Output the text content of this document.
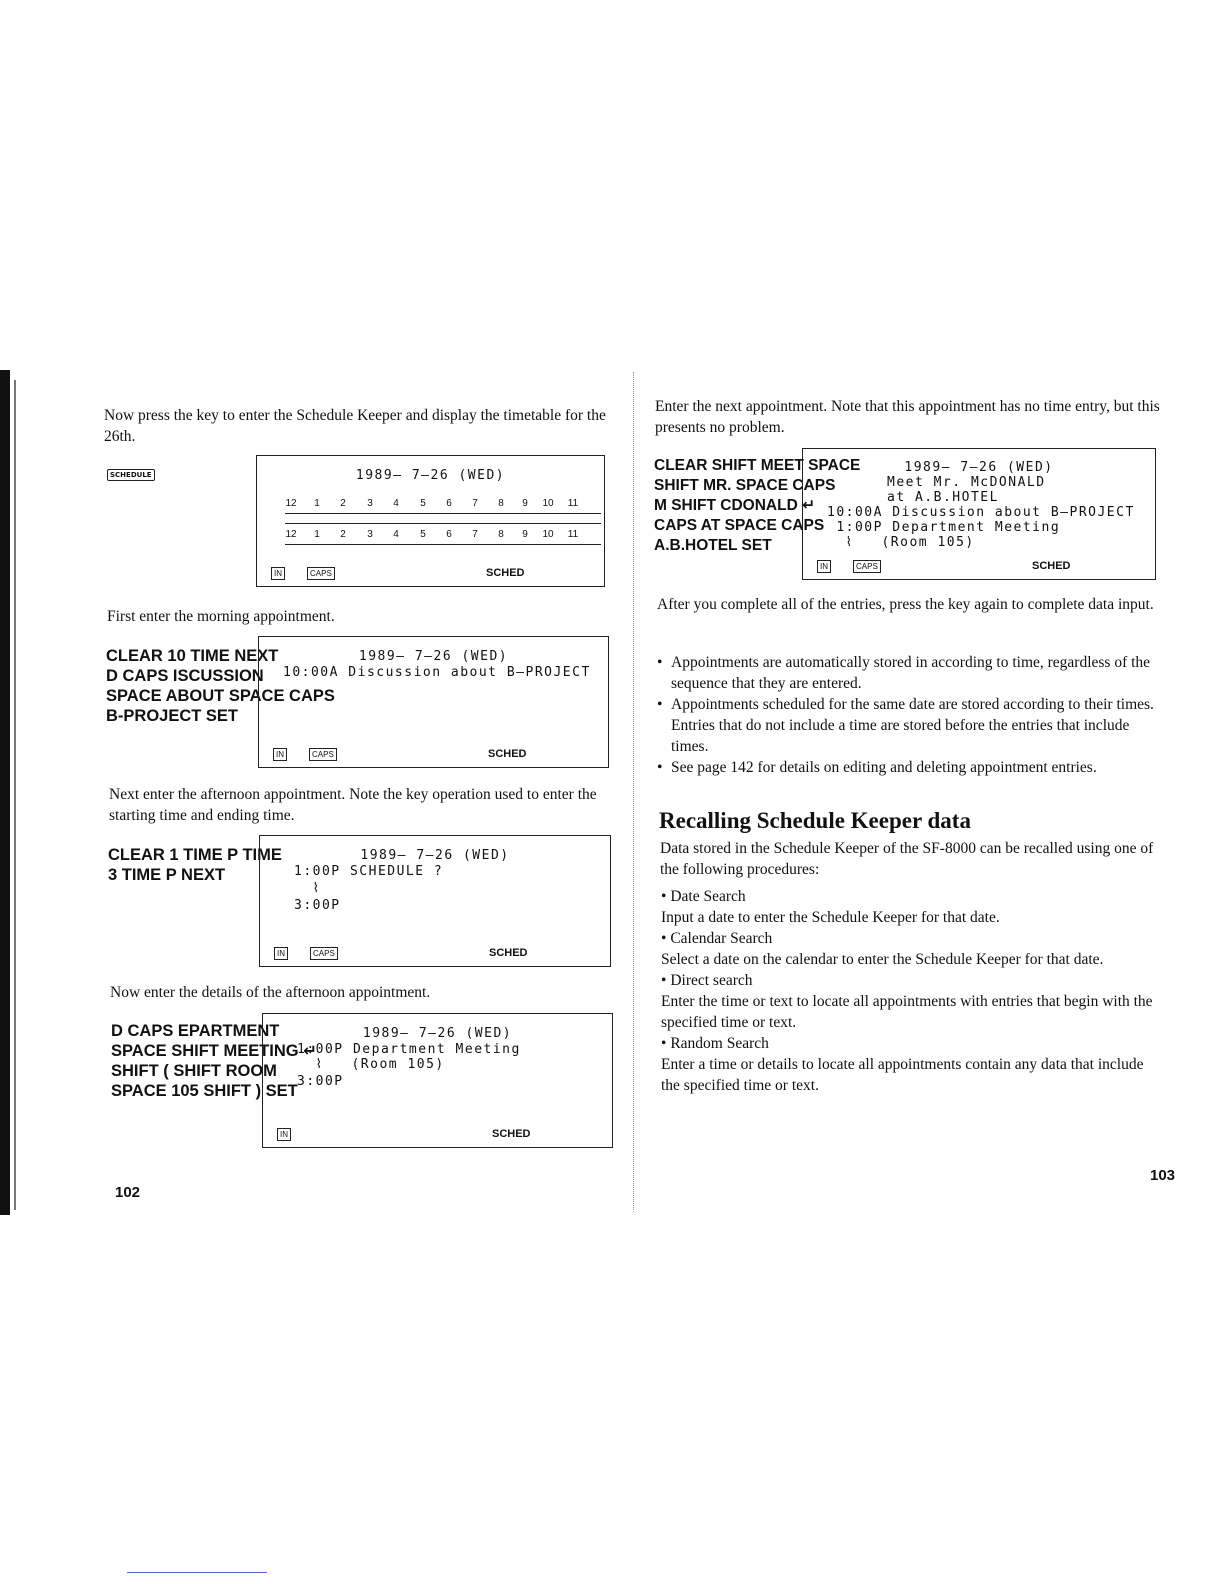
Now press the key to enter the Schedule Keeper and display the timetable for the 26th.
SCHEDULE	1989— 7—26 (WED)
12 1 2 3 4 5 6 7 8 9 10 11
12 1 2 3 4 5 6 7 8 9 10 11
IN	CAPS	SCHED
First enter the morning appointment.
CLEAR 10 TIME NEXT
D CAPS ISCUSSION
SPACE ABOUT SPACE CAPS
B-PROJECT SET
1989— 7—26 (WED)
10:00A Discussion about B—PROJECT
IN	CAPS	SCHED
Next enter the afternoon appointment. Note the key operation used to enter the starting time and ending time.
CLEAR 1 TIME P TIME
3 TIME P NEXT
1989— 7—26 (WED)
1:00P SCHEDULE ?
⌇
3:00P
IN	CAPS	SCHED
Now enter the details of the afternoon appointment.
D CAPS EPARTMENT
SPACE SHIFT MEETING ↵
SHIFT ( SHIFT ROOM
SPACE 105 SHIFT ) SET
1989— 7—26 (WED)
1:00P Department Meeting
⌇   (Room 105)
3:00P
IN	SCHED
102
Enter the next appointment. Note that this appointment has no time entry, but this presents no problem.
CLEAR SHIFT MEET SPACE
SHIFT MR. SPACE CAPS
M SHIFT CDONALD ↵
CAPS AT SPACE CAPS
A.B.HOTEL SET
1989— 7—26 (WED)
Meet Mr. McDONALD
at A.B.HOTEL
10:00A Discussion about B—PROJECT
1:00P Department Meeting
⌇   (Room 105)
IN	CAPS	SCHED
After you complete all of the entries, press the key again to complete data input.
• Appointments are automatically stored in according to time, regardless of the sequence that they are entered.
• Appointments scheduled for the same date are stored according to their times. Entries that do not include a time are stored before the entries that include times.
• See page 142 for details on editing and deleting appointment entries.
Recalling Schedule Keeper data
Data stored in the Schedule Keeper of the SF-8000 can be recalled using one of the following procedures:
• Date Search
Input a date to enter the Schedule Keeper for that date.
• Calendar Search
Select a date on the calendar to enter the Schedule Keeper for that date.
• Direct search
Enter the time or text to locate all appointments with entries that begin with the specified time or text.
• Random Search
Enter a time or details to locate all appointments contain any data that include the specified time or text.
103
